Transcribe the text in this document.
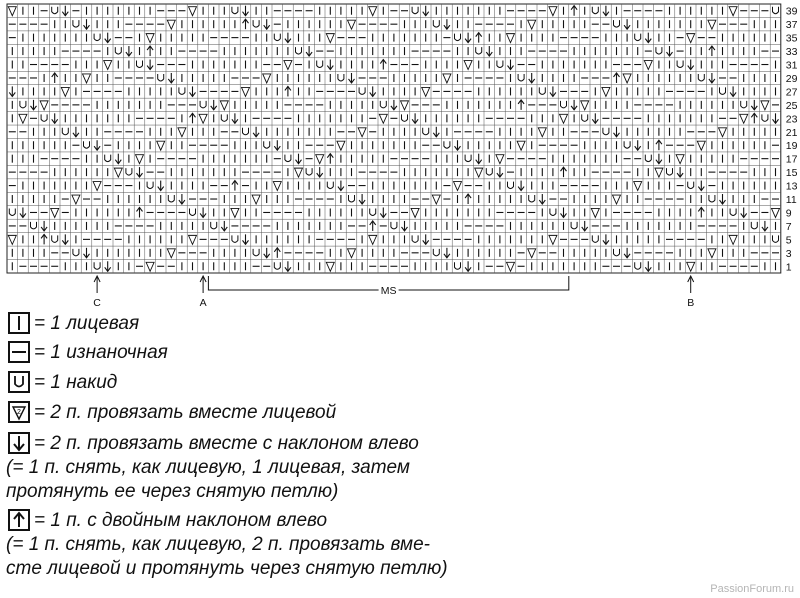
39
37
35
33
31
29
27
25
23
21
19
17
15
13
11
9
7
5
3
1
C	A	B
MS
= 1 лицевая
= 1 изнаночная
= 1 накид
2 = 2 п. провязать вместе лицевой
= 2 п. провязать вместе с наклоном влево
(= 1 п. снять, как лицевую, 1 лицевая, затем
протянуть ее через снятую петлю)
= 1 п. с двойным наклоном влево
(= 1 п. снять, как лицевую, 2 п. провязать вме-
сте лицевой и протянуть через снятую петлю)
PassionForum.ru
